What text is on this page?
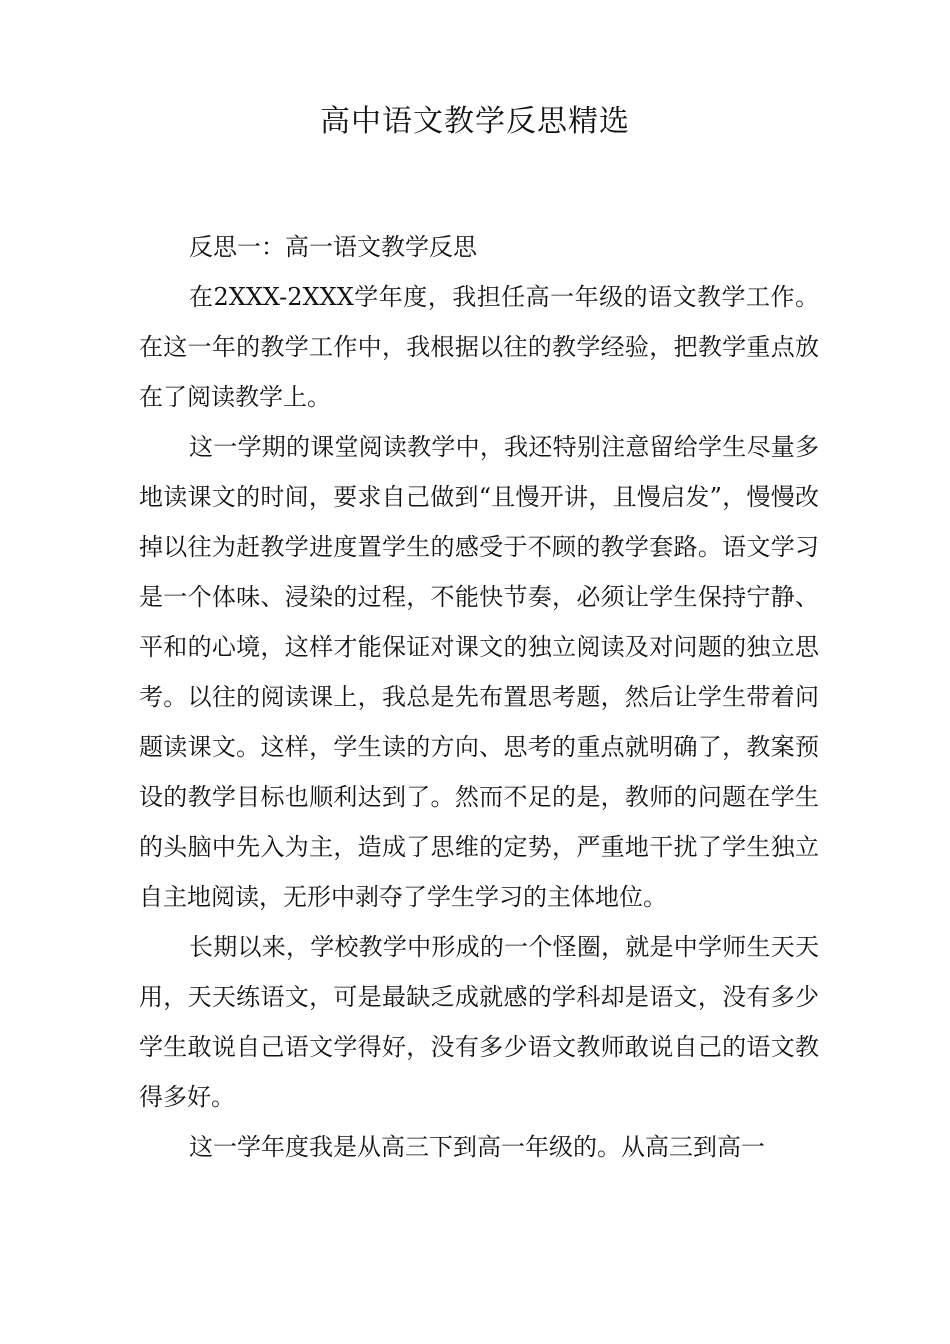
高中语文教学反思精选

反思一：高一语文教学反思

在2XXX-2XXX学年度，我担任高一年级的语文教学工作。在这一年的教学工作中，我根据以往的教学经验，把教学重点放在了阅读教学上。

这一学期的课堂阅读教学中，我还特别注意留给学生尽量多地读课文的时间，要求自己做到“且慢开讲，且慢启发”，慢慢改掉以往为赶教学进度置学生的感受于不顾的教学套路。语文学习是一个体味、浸染的过程，不能快节奏，必须让学生保持宁静、平和的心境，这样才能保证对课文的独立阅读及对问题的独立思考。以往的阅读课上，我总是先布置思考题，然后让学生带着问题读课文。这样，学生读的方向、思考的重点就明确了，教案预设的教学目标也顺利达到了。然而不足的是，教师的问题在学生的头脑中先入为主，造成了思维的定势，严重地干扰了学生独立自主地阅读，无形中剥夺了学生学习的主体地位。

长期以来，学校教学中形成的一个怪圈，就是中学师生天天用，天天练语文，可是最缺乏成就感的学科却是语文，没有多少学生敢说自己语文学得好，没有多少语文教师敢说自己的语文教得多好。

这一学年度我是从高三下到高一年级的。从高三到高一
